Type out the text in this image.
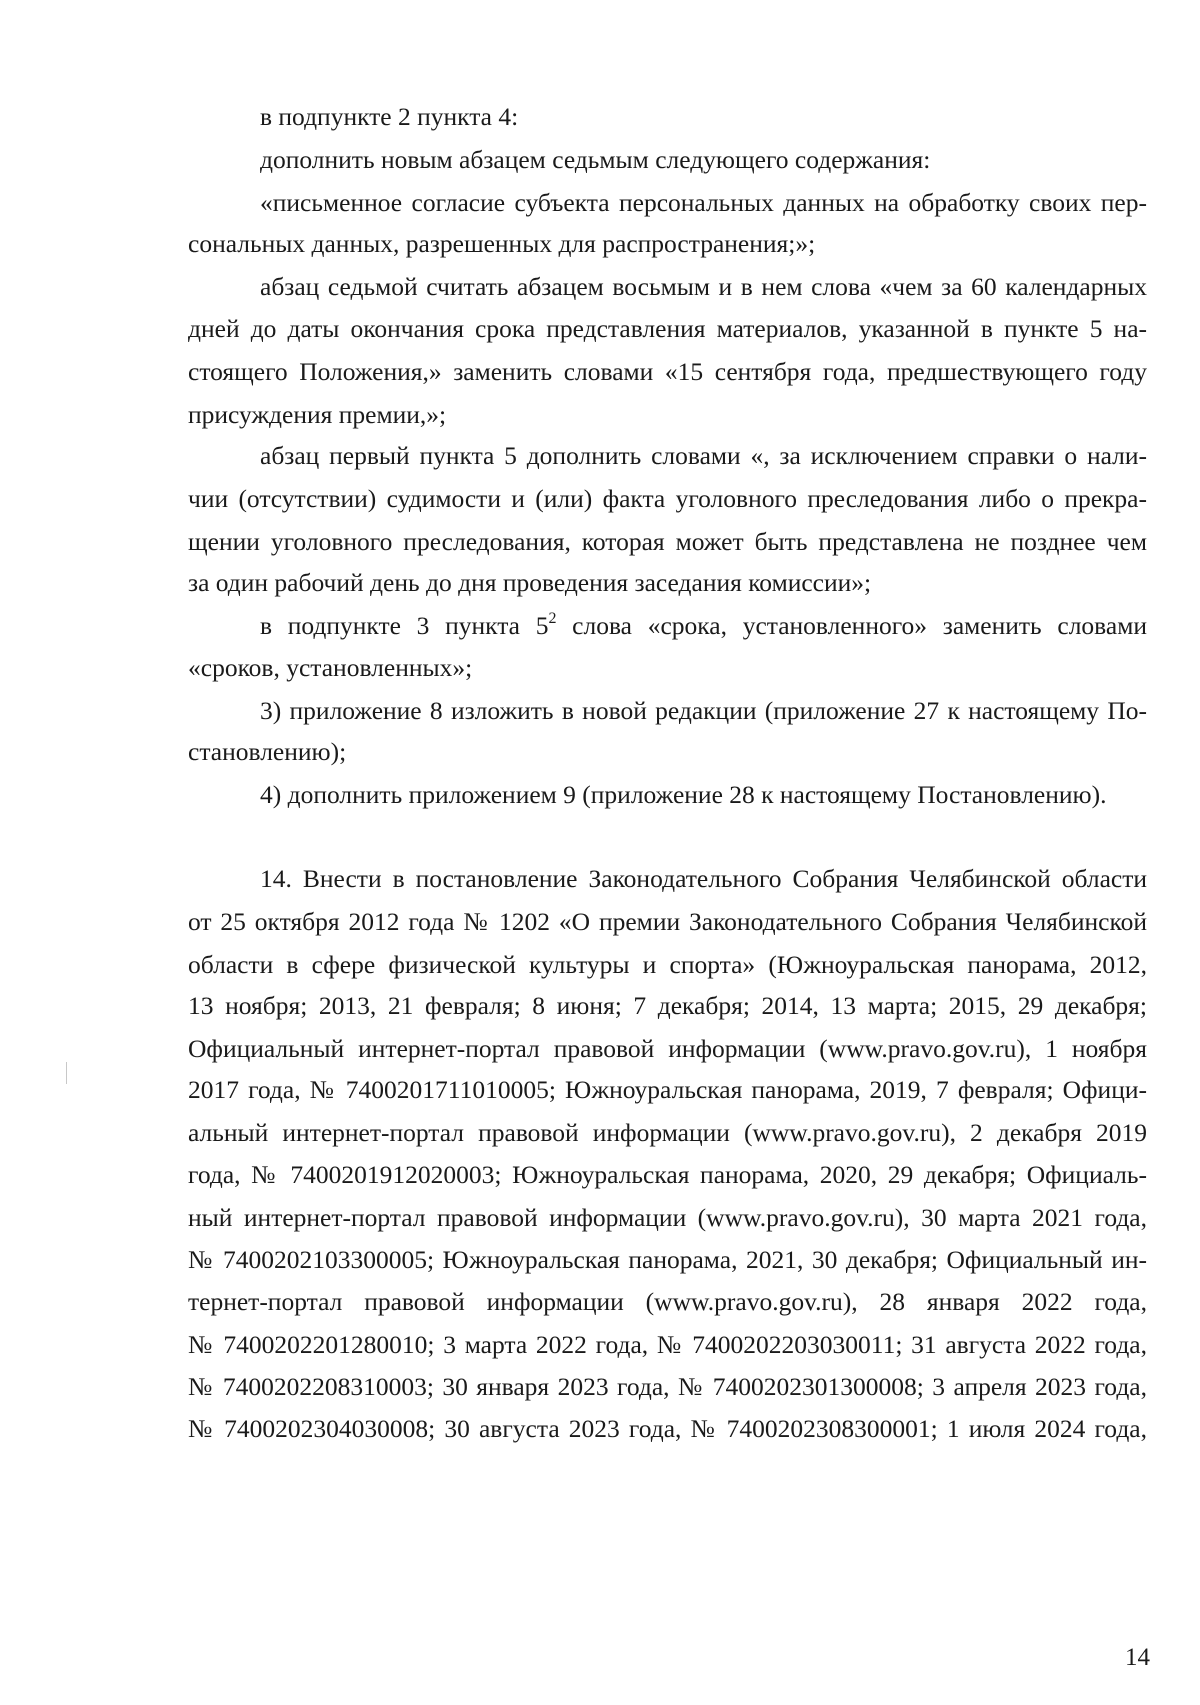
в подпункте 2 пункта 4:
дополнить новым абзацем седьмым следующего содержания:
«письменное согласие субъекта персональных данных на обработку своих пер-
сональных данных, разрешенных для распространения;»;
абзац седьмой считать абзацем восьмым и в нем слова «чем за 60 календарных
дней до даты окончания срока представления материалов, указанной в пункте 5 на-
стоящего Положения,» заменить словами «15 сентября года, предшествующего году
присуждения премии,»;
абзац первый пункта 5 дополнить словами «, за исключением справки о нали-
чии (отсутствии) судимости и (или) факта уголовного преследования либо о прекра-
щении уголовного преследования, которая может быть представлена не позднее чем
за один рабочий день до дня проведения заседания комиссии»;
в подпункте 3 пункта $5^2$ слова «срока, установленного» заменить словами
«сроков, установленных»;
3) приложение 8 изложить в новой редакции (приложение 27 к настоящему По-
становлению);
4) дополнить приложением 9 (приложение 28 к настоящему Постановлению).
14. Внести в постановление Законодательного Собрания Челябинской области
от 25 октября 2012 года № 1202 «О премии Законодательного Собрания Челябинской
области в сфере физической культуры и спорта» (Южноуральская панорама, 2012,
13 ноября; 2013, 21 февраля; 8 июня; 7 декабря; 2014, 13 марта; 2015, 29 декабря;
Официальный интернет-портал правовой информации (www.pravo.gov.ru), 1 ноября
2017 года, № 7400201711010005; Южноуральская панорама, 2019, 7 февраля; Офици-
альный интернет-портал правовой информации (www.pravo.gov.ru), 2 декабря 2019
года, № 7400201912020003; Южноуральская панорама, 2020, 29 декабря; Официаль-
ный интернет-портал правовой информации (www.pravo.gov.ru), 30 марта 2021 года,
№ 7400202103300005; Южноуральская панорама, 2021, 30 декабря; Официальный ин-
тернет-портал правовой информации (www.pravo.gov.ru), 28 января 2022 года,
№ 7400202201280010; 3 марта 2022 года, № 7400202203030011; 31 августа 2022 года,
№ 7400202208310003; 30 января 2023 года, № 7400202301300008; 3 апреля 2023 года,
№ 7400202304030008; 30 августа 2023 года, № 7400202308300001; 1 июля 2024 года,
14
